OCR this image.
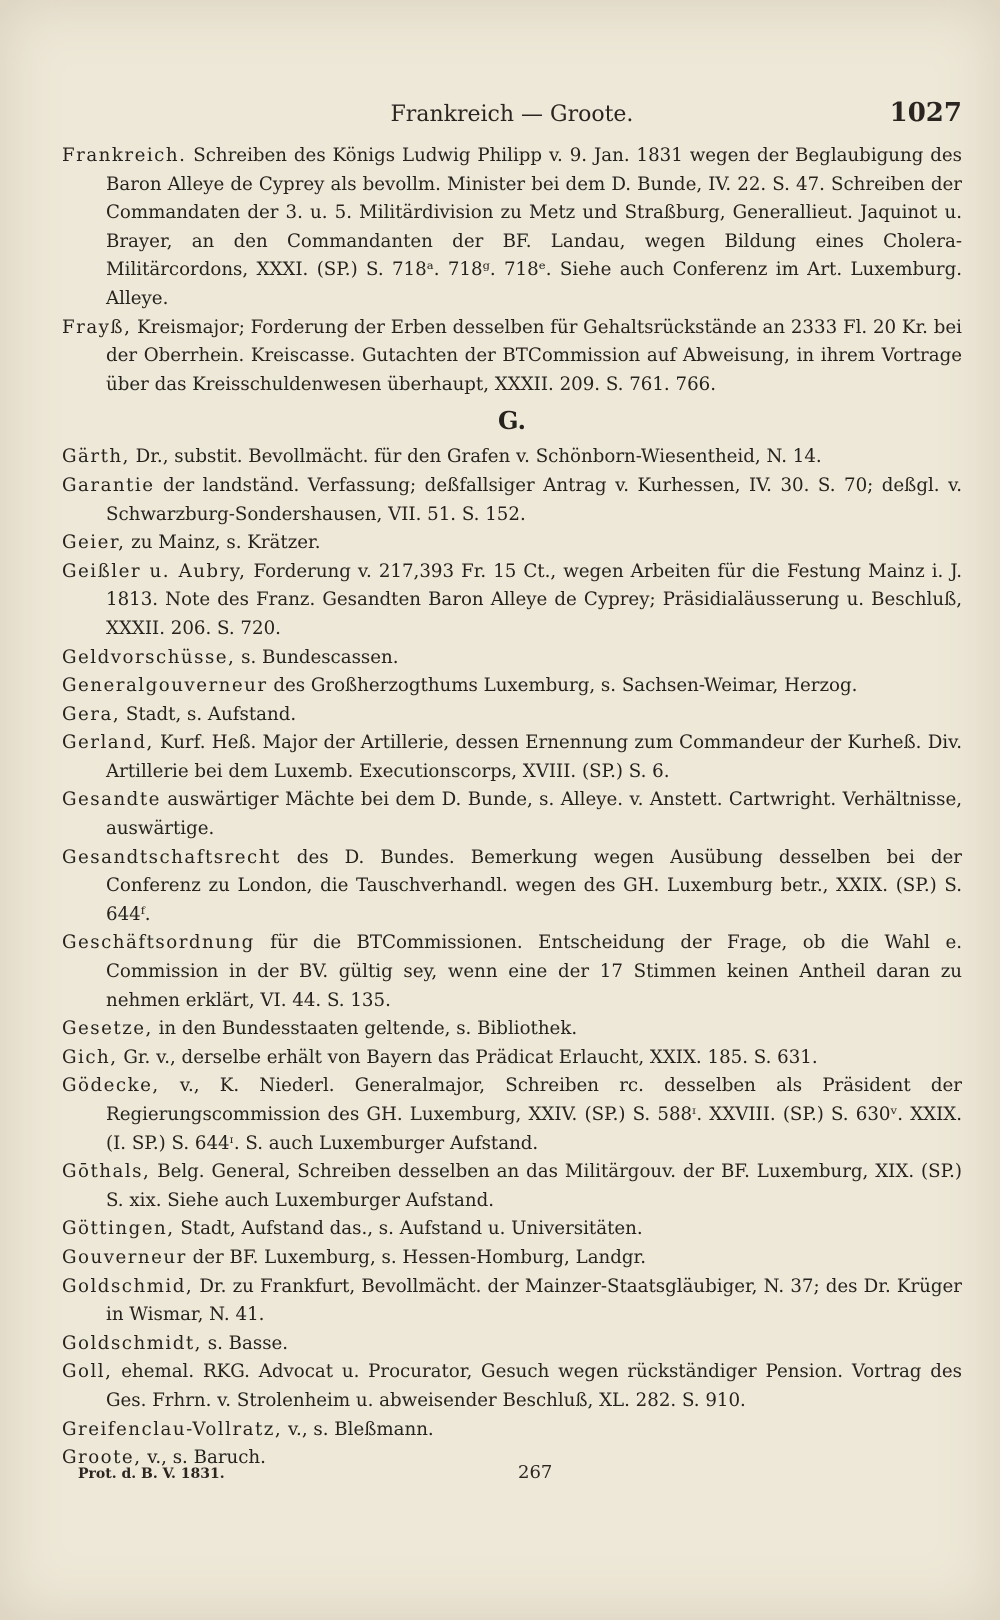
Frankreich — Groote.	1027
Frankreich. Schreiben des Königs Ludwig Philipp v. 9. Jan. 1831 wegen der Beglaubigung des Baron Alleye de Cyprey als bevollm. Minister bei dem D. Bunde, IV. 22. S. 47. Schreiben der Commandaten der 3. u. 5. Militärdivision zu Metz und Straßburg, Generallieut. Jaquinot u. Brayer, an den Commandanten der BF. Landau, wegen Bildung eines Cholera-Militärcordons, XXXI. (SP.) S. 718ᵃ. 718ᵍ. 718ᵉ. Siehe auch Conferenz im Art. Luxemburg. Alleye.
Frayß, Kreismajor; Forderung der Erben desselben für Gehaltsrückstände an 2333 Fl. 20 Kr. bei der Oberrhein. Kreiscasse. Gutachten der BTCommission auf Abweisung, in ihrem Vortrage über das Kreisschuldenwesen überhaupt, XXXII. 209. S. 761. 766.
G.
Gärth, Dr., substit. Bevollmächt. für den Grafen v. Schönborn-Wiesentheid, N. 14.
Garantie der landständ. Verfassung; deßfallsiger Antrag v. Kurhessen, IV. 30. S. 70; deßgl. v. Schwarzburg-Sondershausen, VII. 51. S. 152.
Geier, zu Mainz, s. Krätzer.
Geißler u. Aubry, Forderung v. 217,393 Fr. 15 Ct., wegen Arbeiten für die Festung Mainz i. J. 1813. Note des Franz. Gesandten Baron Alleye de Cyprey; Präsidialäusserung u. Beschluß, XXXII. 206. S. 720.
Geldvorschüsse, s. Bundescassen.
Generalgouverneur des Großherzogthums Luxemburg, s. Sachsen-Weimar, Herzog.
Gera, Stadt, s. Aufstand.
Gerland, Kurf. Heß. Major der Artillerie, dessen Ernennung zum Commandeur der Kurheß. Div. Artillerie bei dem Luxemb. Executionscorps, XVIII. (SP.) S. 6.
Gesandte auswärtiger Mächte bei dem D. Bunde, s. Alleye. v. Anstett. Cartwright. Verhältnisse, auswärtige.
Gesandtschaftsrecht des D. Bundes. Bemerkung wegen Ausübung desselben bei der Conferenz zu London, die Tauschverhandl. wegen des GH. Luxemburg betr., XXIX. (SP.) S. 644ᶠ.
Geschäftsordnung für die BTCommissionen. Entscheidung der Frage, ob die Wahl e. Commission in der BV. gültig sey, wenn eine der 17 Stimmen keinen Antheil daran zu nehmen erklärt, VI. 44. S. 135.
Gesetze, in den Bundesstaaten geltende, s. Bibliothek.
Gich, Gr. v., derselbe erhält von Bayern das Prädicat Erlaucht, XXIX. 185. S. 631.
Gödecke, v., K. Niederl. Generalmajor, Schreiben rc. desselben als Präsident der Regierungscommission des GH. Luxemburg, XXIV. (SP.) S. 588ᶦ. XXVIII. (SP.) S. 630ᵛ. XXIX. (I. SP.) S. 644ᶦ. S. auch Luxemburger Aufstand.
Gōthals, Belg. General, Schreiben desselben an das Militärgouv. der BF. Luxemburg, XIX. (SP.) S. xix. Siehe auch Luxemburger Aufstand.
Göttingen, Stadt, Aufstand das., s. Aufstand u. Universitäten.
Gouverneur der BF. Luxemburg, s. Hessen-Homburg, Landgr.
Goldschmid, Dr. zu Frankfurt, Bevollmächt. der Mainzer-Staatsgläubiger, N. 37; des Dr. Krüger in Wismar, N. 41.
Goldschmidt, s. Basse.
Goll, ehemal. RKG. Advocat u. Procurator, Gesuch wegen rückständiger Pension. Vortrag des Ges. Frhrn. v. Strolenheim u. abweisender Beschluß, XL. 282. S. 910.
Greifenclau-Vollratz, v., s. Bleßmann.
Groote, v., s. Baruch.
Prot. d. B. V. 1831.	267
